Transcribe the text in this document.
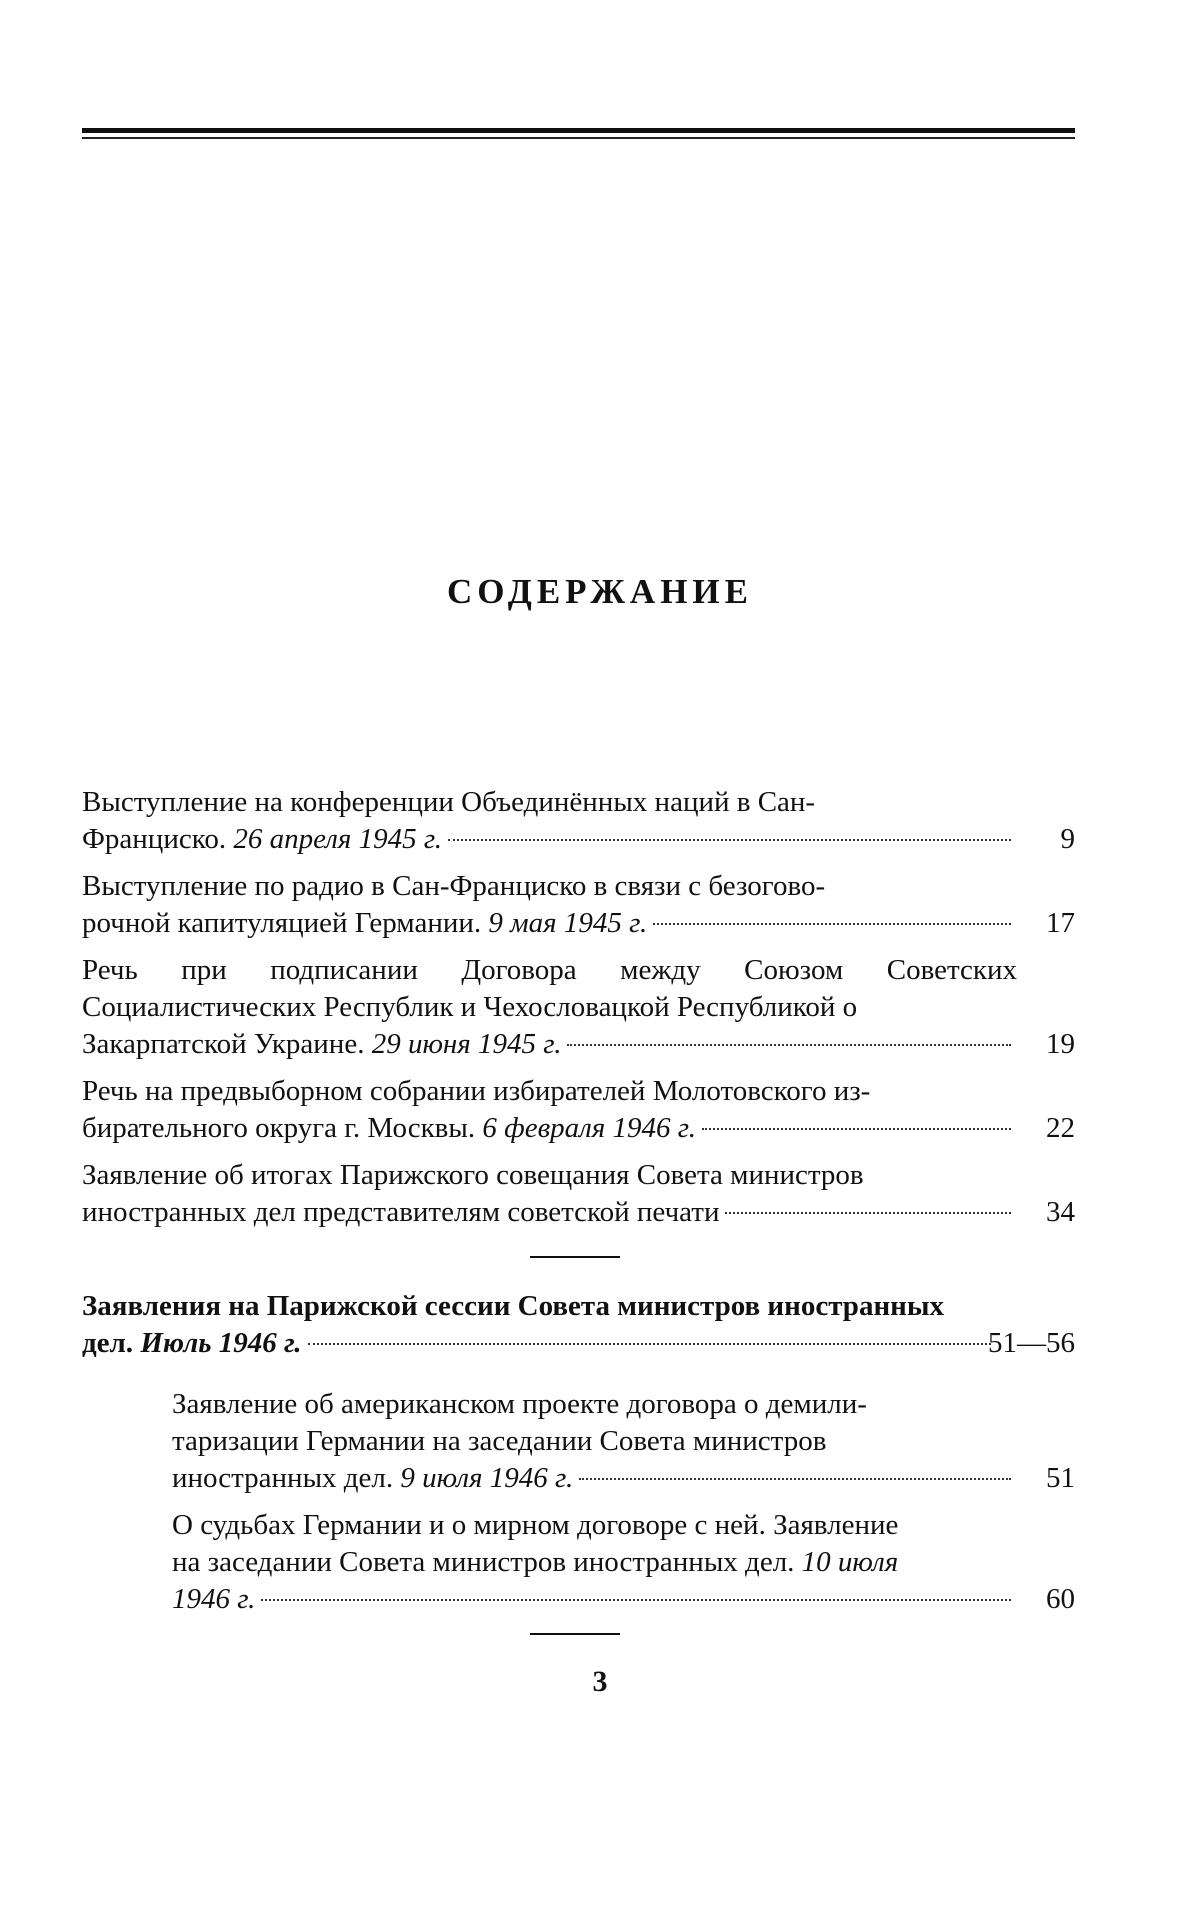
СОДЕРЖАНИЕ
Выступление на конференции Объединённых наций в Сан-
Франциско.
26 апреля 1945 г.	9
Выступление по радио в Сан-Франциско в связи с безогово-
рочной капитуляцией Германии.
9 мая 1945 г.	17
Речь при подписании Договора между Союзом Советских Социалистических Республик и Чехословацкой Республикой о
Закарпатской Украине.
29 июня 1945 г.	19
Речь на предвыборном собрании избирателей Молотовского из-
бирательного округа г. Москвы.
6 февраля 1946 г.	22
Заявление об итогах Парижского совещания Совета министров
иностранных дел представителям советской печати	34
Заявления на Парижской сессии Совета министров иностранных
дел.
Июль 1946 г.	51—56
Заявление об американском проекте договора о демили-
таризации Германии на заседании Совета министров
иностранных дел.
9 июля 1946 г.	51
О судьбах Германии и о мирном договоре с ней. Заявление
на заседании Совета министров иностранных дел. 10 июля
1946 г.	60
3
